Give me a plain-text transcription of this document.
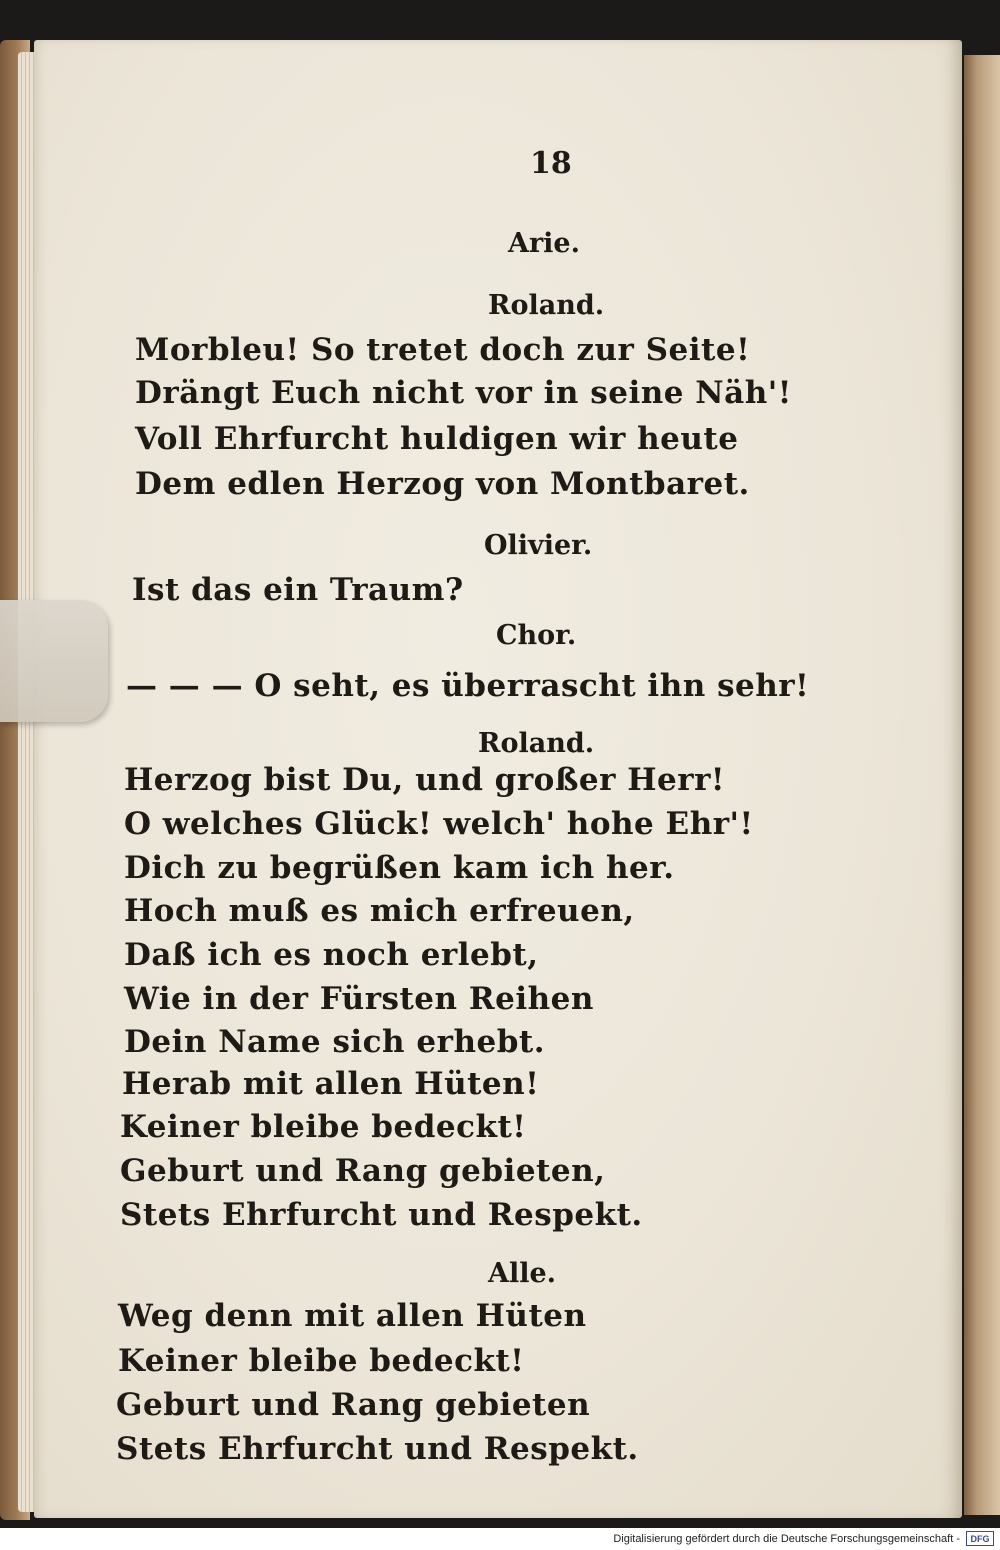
18
Arie.
Roland.
Morbleu! So tretet doch zur Seite!
Drängt Euch nicht vor in seine Näh'!
Voll Ehrfurcht huldigen wir heute
Dem edlen Herzog von Montbaret.
Olivier.
Ist das ein Traum?
Chor.
— — — O seht, es überrascht ihn sehr!
Roland.
Herzog bist Du, und großer Herr!
O welches Glück! welch' hohe Ehr'!
Dich zu begrüßen kam ich her.
Hoch muß es mich erfreuen,
Daß ich es noch erlebt,
Wie in der Fürsten Reihen
Dein Name sich erhebt.
Herab mit allen Hüten!
Keiner bleibe bedeckt!
Geburt und Rang gebieten,
Stets Ehrfurcht und Respekt.
Alle.
Weg denn mit allen Hüten
Keiner bleibe bedeckt!
Geburt und Rang gebieten
Stets Ehrfurcht und Respekt.
Digitalisierung gefördert durch die Deutsche Forschungsgemeinschaft -	DFG
